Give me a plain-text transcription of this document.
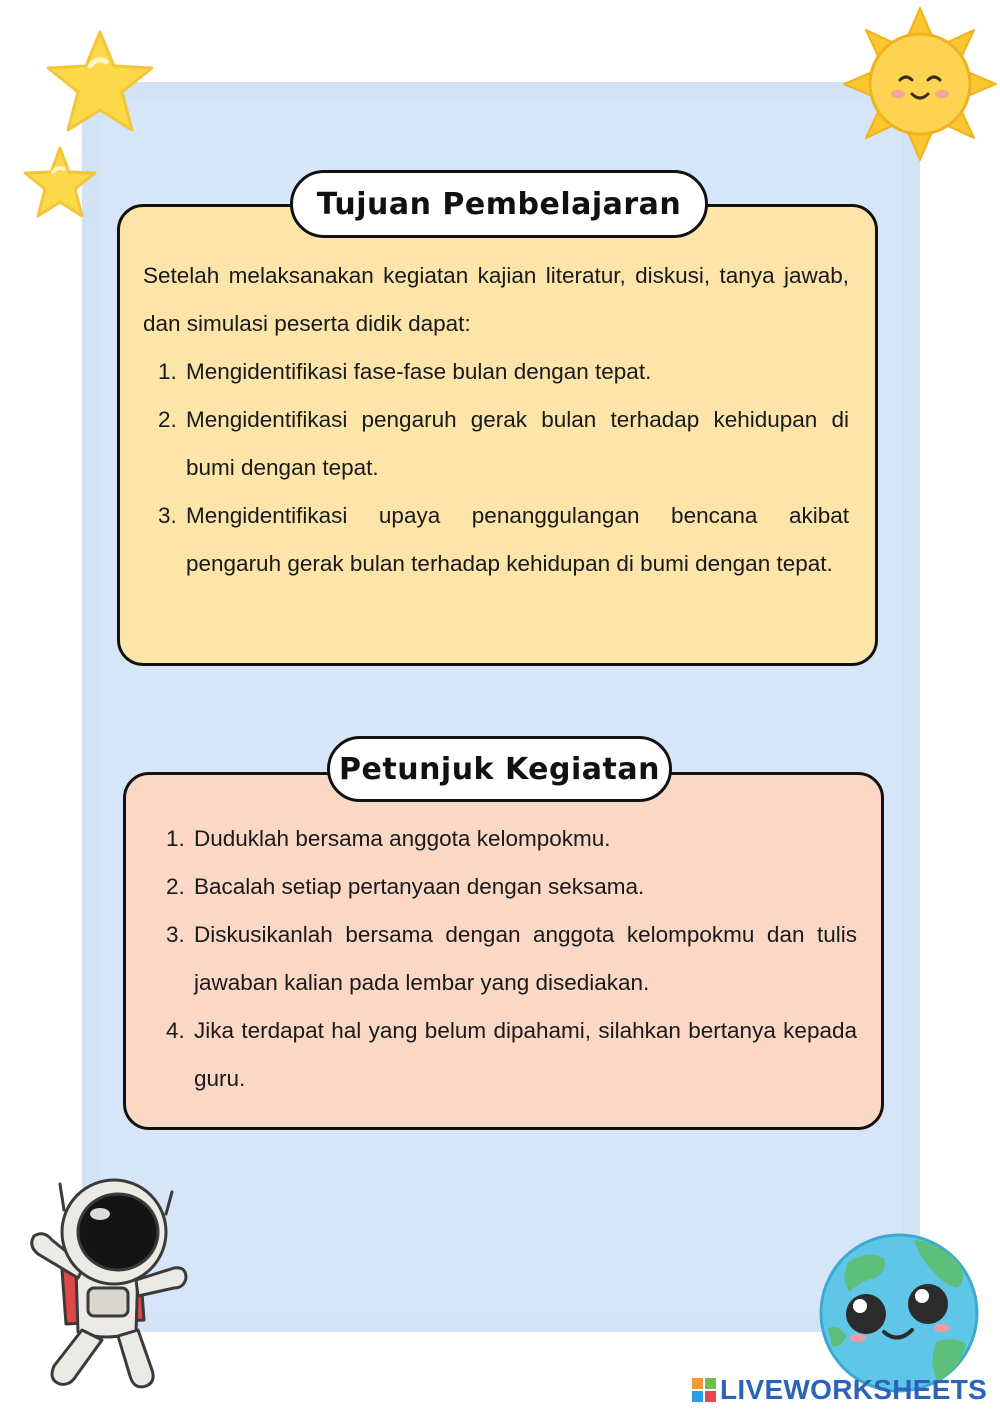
Tujuan Pembelajaran

Setelah melaksanakan kegiatan kajian literatur, diskusi, tanya jawab, dan simulasi peserta didik dapat:

1. Mengidentifikasi fase-fase bulan dengan tepat.
2. Mengidentifikasi pengaruh gerak bulan terhadap kehidupan di bumi dengan tepat.
3. Mengidentifikasi upaya penanggulangan bencana akibat pengaruh gerak bulan terhadap kehidupan di bumi dengan tepat.
Petunjuk Kegiatan
1. Duduklah bersama anggota kelompokmu.
2. Bacalah setiap pertanyaan dengan seksama.
3. Diskusikanlah bersama dengan anggota kelompokmu dan tulis jawaban kalian pada lembar yang disediakan.
4. Jika terdapat hal yang belum dipahami, silahkan bertanya kepada guru.
LIVEWORKSHEETS
